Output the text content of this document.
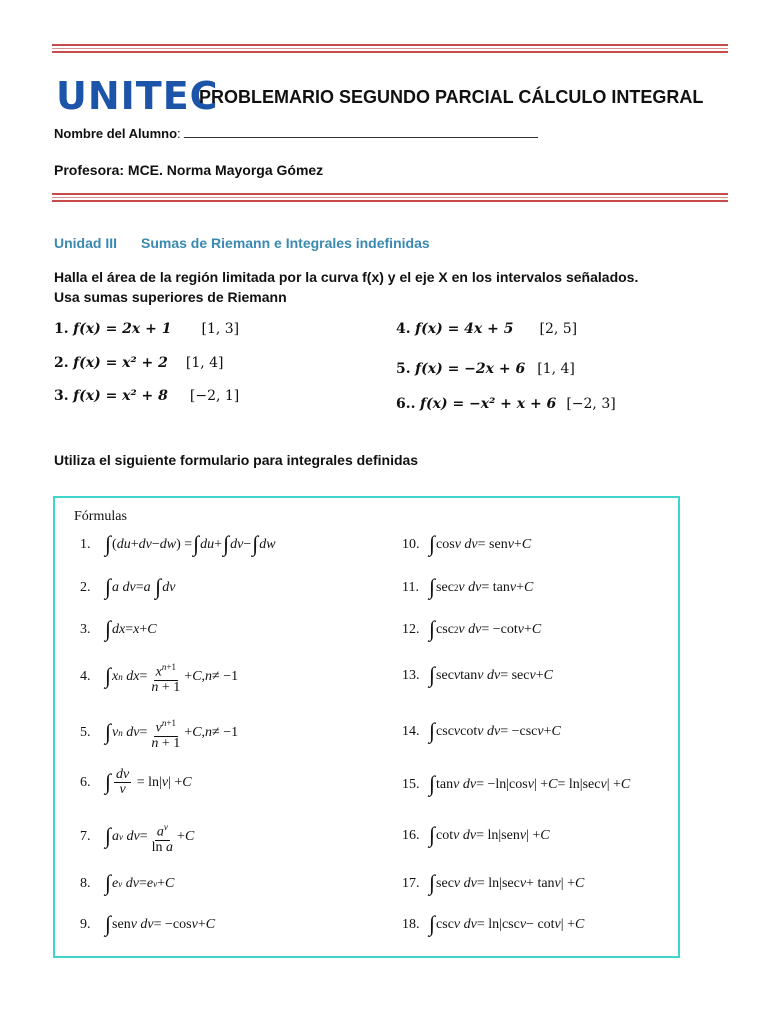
UNITEC
PROBLEMARIO SEGUNDO PARCIAL CÁLCULO INTEGRAL
Nombre del Alumno:
Profesora: MCE. Norma Mayorga Gómez
Unidad III Sumas de Riemann e Integrales indefinidas
Halla el área de la región limitada por la curva f(x) y el eje X en los intervalos señalados.
Usa sumas superiores de Riemann
1. f(x) = 2x + 1 [1, 3]
2. f(x) = x² + 2 [1, 4]
3. f(x) = x² + 8 [−2, 1]
4. f(x) = 4x + 5 [2, 5]
5. f(x) = −2x + 6 [1, 4]
6.. f(x) = −x² + x + 6 [−2, 3]
Utiliza el siguiente formulario para integrales definidas
Fórmulas
1. ∫ ( du + dv − dw ) = ∫ du + ∫ dv − ∫ dw
2. ∫ a dv = a
∫ dv
3. ∫ dx = x + C
4. ∫ x n
dx = $\frac{x^{n+1}}{n + 1} + C$ , n ≠ −1
5. ∫ v n
dv = $\frac{v^{n+1}}{n + 1} + C$ , n ≠ −1
6. ∫ $\frac{dv}{v} = \ln|$ v | + C
7. ∫ a v
dv = $\frac{a^v}{\text{ln a}} + C$
8. ∫ e v
dv = e v + C
9. ∫ sen v dv = −cos v + C
10. ∫ cos v dv = sen v + C
11. ∫ sec 2 v dv = tan v + C
12. ∫ csc 2 v dv = −cot v + C
13. ∫ sec v tan v dv = sec v + C
14. ∫ csc v cot v dv = −csc v + C
15. ∫ tan v dv = −ln|cos v | + C = ln|sec v | + C
16. ∫ cot v dv = ln|sen v | + C
17. ∫ sec v dv = ln|sec v + tan v | + C
18. ∫ csc v dv = ln|csc v − cot v | + C
